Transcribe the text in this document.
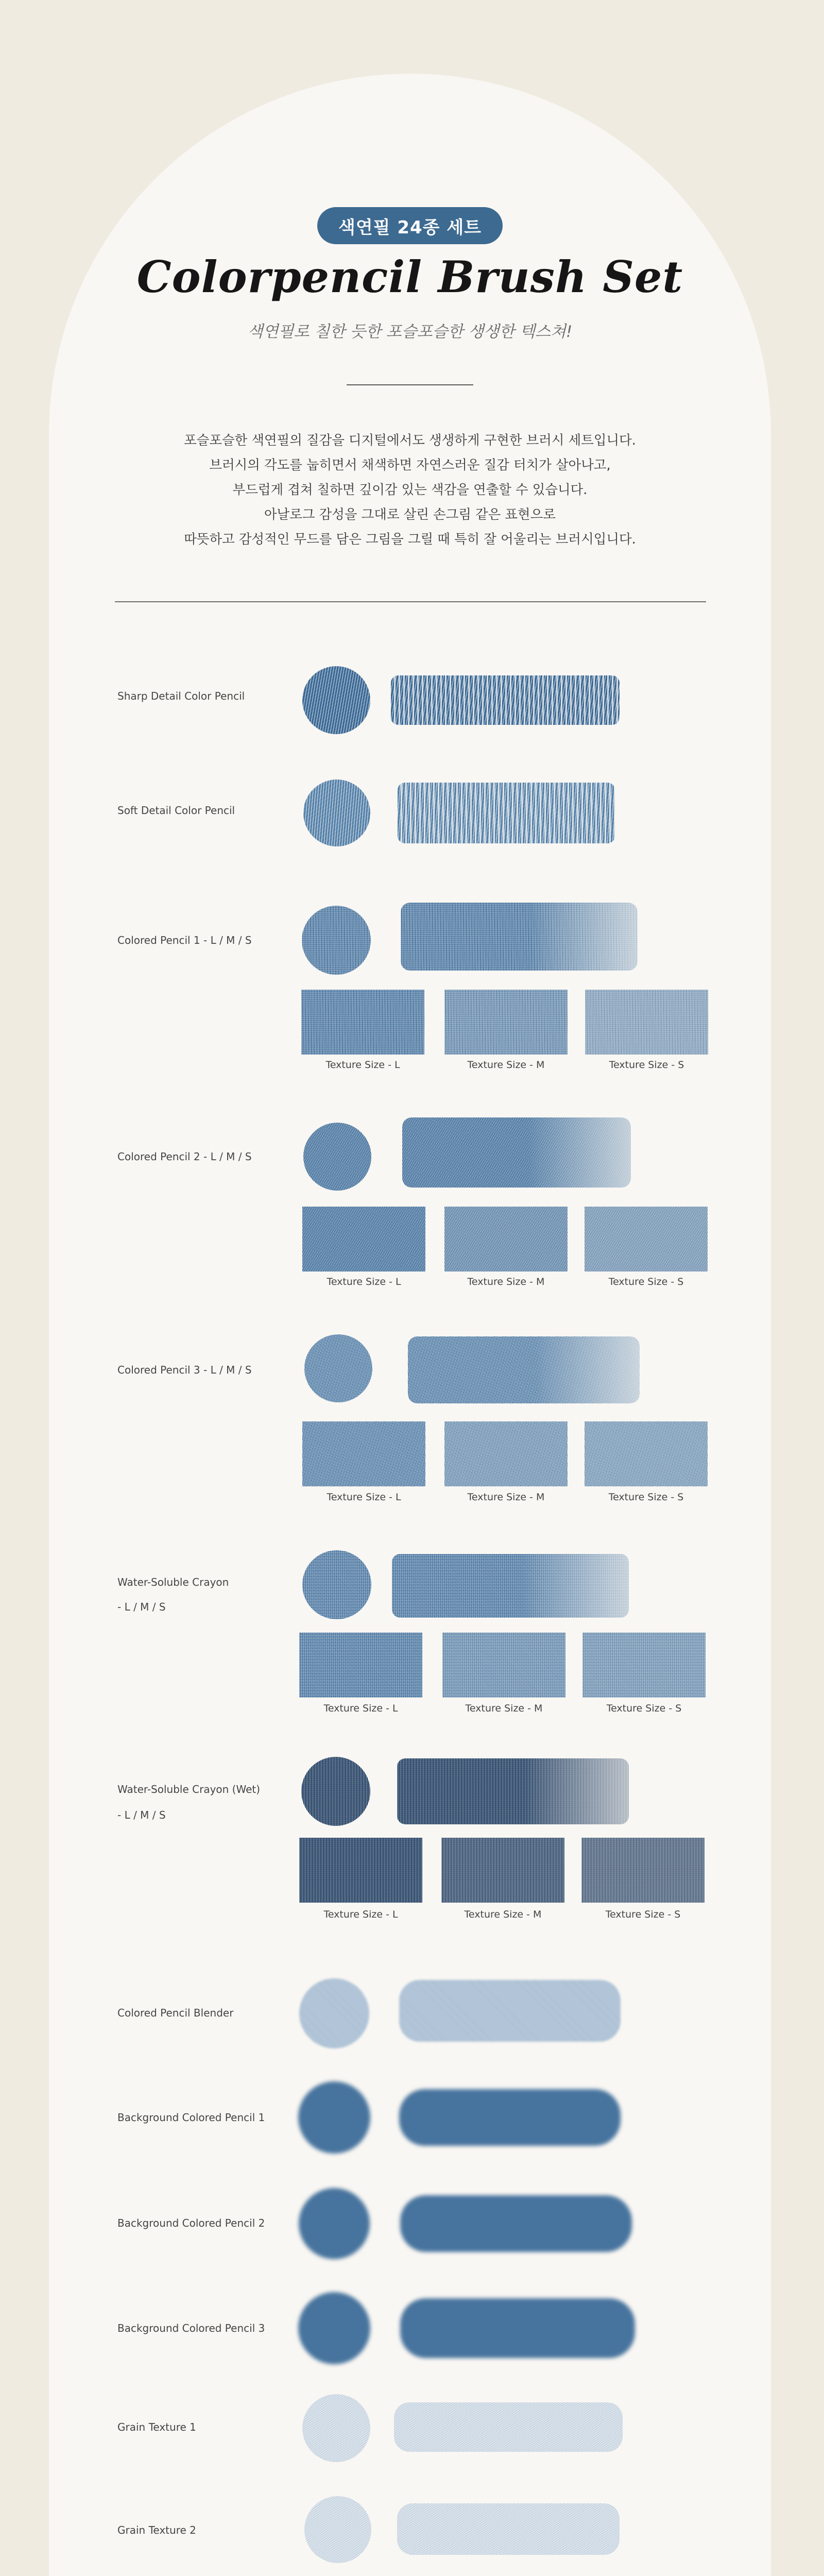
색연필 24종 세트
Colorpencil Brush Set
색연필로 칠한 듯한 포슬포슬한 생생한 텍스쳐!

포슬포슬한 색연필의 질감을 디지털에서도 생생하게 구현한 브러시 세트입니다.

브러시의 각도를 눕히면서 채색하면 자연스러운 질감 터치가 살아나고,

부드럽게 겹쳐 칠하면 깊이감 있는 색감을 연출할 수 있습니다.

아날로그 감성을 그대로 살린 손그림 같은 표현으로

따뜻하고 감성적인 무드를 담은 그림을 그릴 때 특히 잘 어울리는 브러시입니다.

Sharp Detail Color Pencil
Soft Detail Color Pencil
Colored Pencil 1 - L / M / S
Texture Size - L	Texture Size - M	Texture Size - S
Colored Pencil 2 - L / M / S
Texture Size - L	Texture Size - M	Texture Size - S
Colored Pencil 3 - L / M / S
Texture Size - L	Texture Size - M	Texture Size - S
Water-Soluble Crayon
- L / M / S
Texture Size - L	Texture Size - M	Texture Size - S
Water-Soluble Crayon (Wet)
- L / M / S
Texture Size - L	Texture Size - M	Texture Size - S
Colored Pencil Blender
Background Colored Pencil 1
Background Colored Pencil 2
Background Colored Pencil 3
Grain Texture 1
Grain Texture 2
